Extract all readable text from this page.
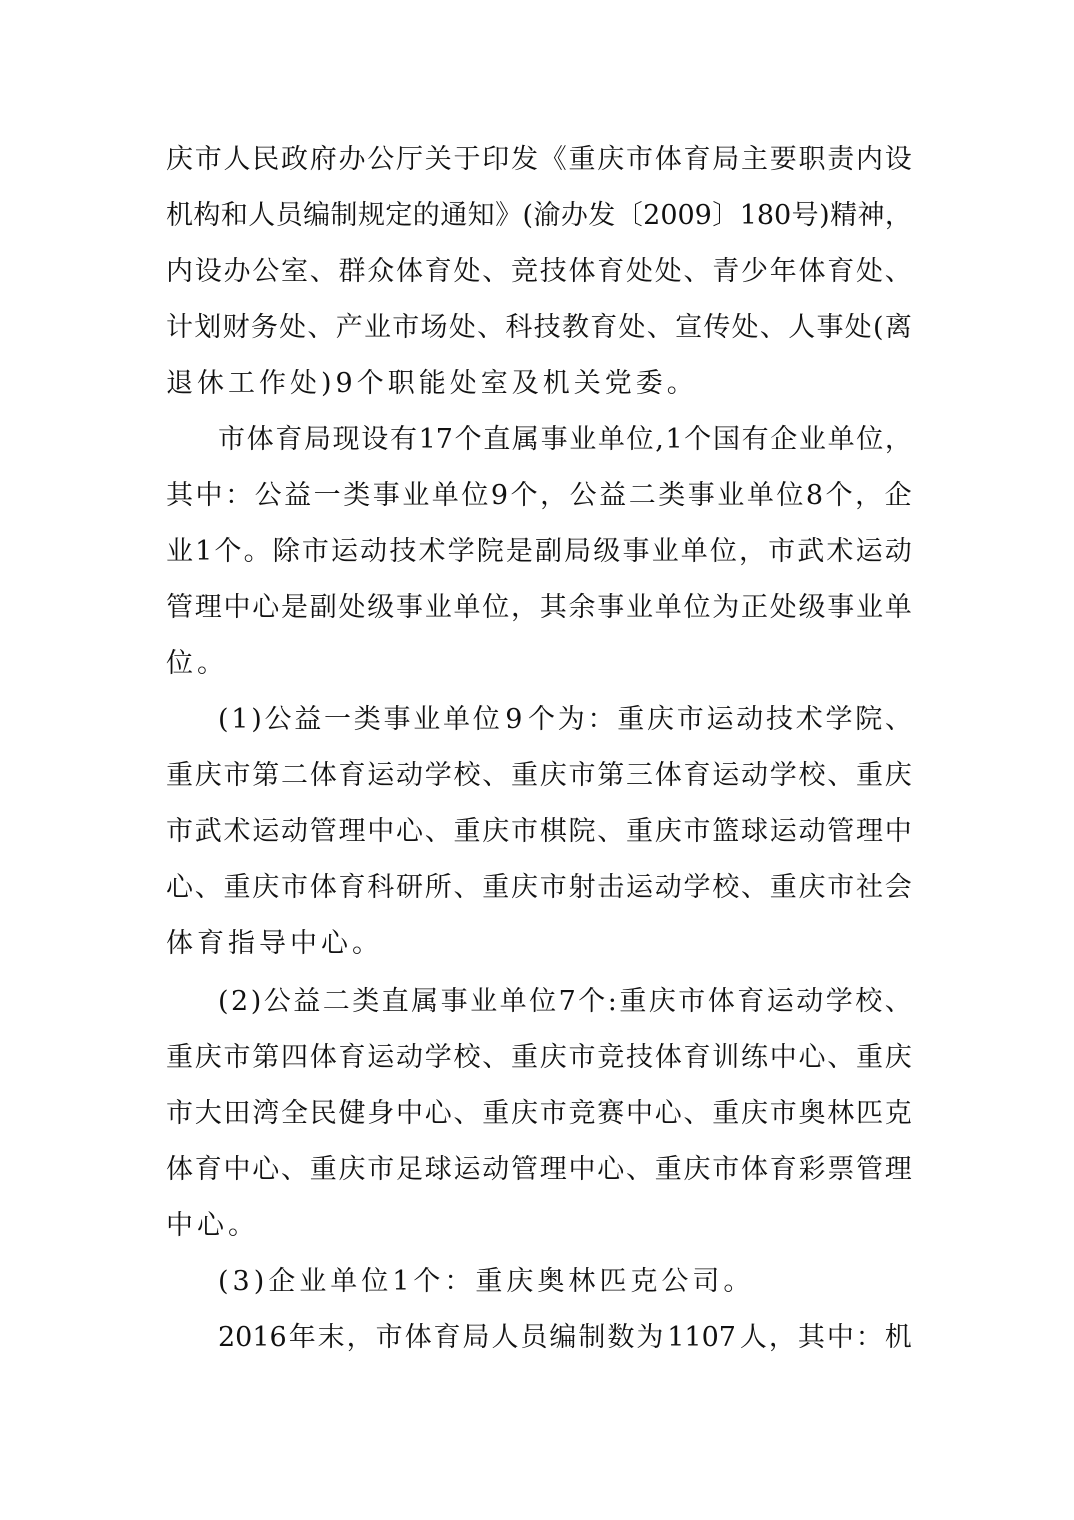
庆 市 人 民 政 府 办 公 厅 关 于 印 发 《 重 庆 市 体 育 局 主 要 职 责 内 设
机 构 和 人 员 编 制 规 定 的 通 知 》 ( 渝 办 发 〔 2009 〕 180 号 ) 精 神 ，
内 设 办 公 室 、 群 众 体 育 处 、 竞 技 体 育 处 处 、 青 少 年 体 育 处 、
计 划 财 务 处 、 产 业 市 场 处 、 科 技 教 育 处 、 宣 传 处 、 人 事 处 ( 离
退休工作处)9个职能处室及机关党委。
市 体 育 局 现 设 有 17 个 直 属 事 业 单 位 , 1 个 国 有 企 业 单 位 ，
其 中 ： 公 益 一 类 事 业 单 位 9 个 ， 公 益 二 类 事 业 单 位 8 个 ， 企
业 1 个 。 除 市 运 动 技 术 学 院 是 副 局 级 事 业 单 位 ， 市 武 术 运 动
管 理 中 心 是 副 处 级 事 业 单 位 ， 其 余 事 业 单 位 为 正 处 级 事 业 单
位。
( 1 ) 公 益 一 类 事 业 单 位 9 个 为 ： 重 庆 市 运 动 技 术 学 院 、
重 庆 市 第 二 体 育 运 动 学 校 、 重 庆 市 第 三 体 育 运 动 学 校 、 重 庆
市 武 术 运 动 管 理 中 心 、 重 庆 市 棋 院 、 重 庆 市 篮 球 运 动 管 理 中
心 、 重 庆 市 体 育 科 研 所 、 重 庆 市 射 击 运 动 学 校 、 重 庆 市 社 会
体育指导中心。
( 2 ) 公 益 二 类 直 属 事 业 单 位 7 个 : 重 庆 市 体 育 运 动 学 校 、
重 庆 市 第 四 体 育 运 动 学 校 、 重 庆 市 竞 技 体 育 训 练 中 心 、 重 庆
市 大 田 湾 全 民 健 身 中 心 、 重 庆 市 竞 赛 中 心 、 重 庆 市 奥 林 匹 克
体 育 中 心 、 重 庆 市 足 球 运 动 管 理 中 心 、 重 庆 市 体 育 彩 票 管 理
中心。
(3)企业单位1个：重庆奥林匹克公司。
2016 年 末 ， 市 体 育 局 人 员 编 制 数 为 1107 人 ， 其 中 ： 机
